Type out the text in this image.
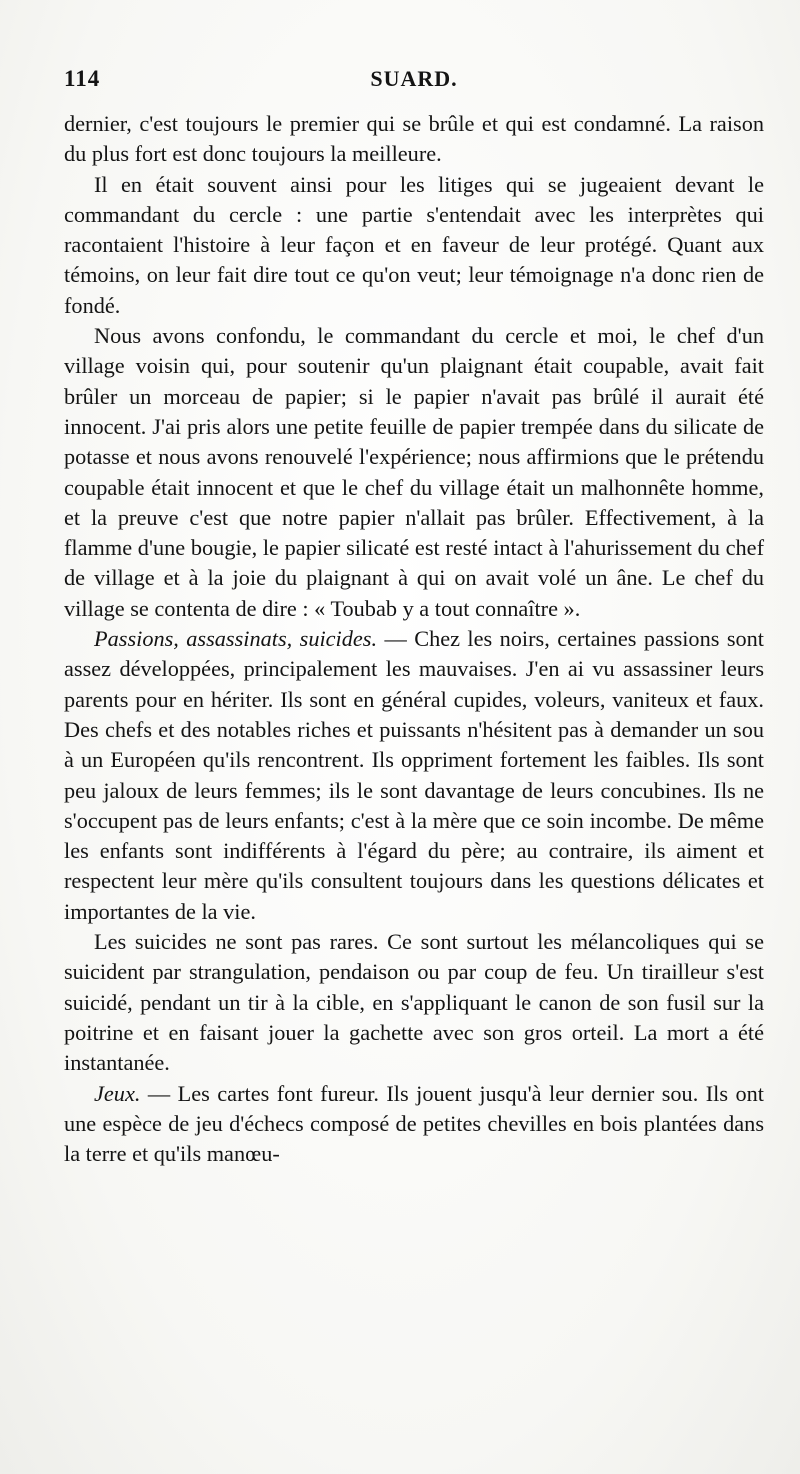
114	SUARD.

dernier, c'est toujours le premier qui se brûle et qui est condamné. La raison du plus fort est donc toujours la meilleure.

Il en était souvent ainsi pour les litiges qui se jugeaient devant le commandant du cercle : une partie s'entendait avec les interprètes qui racontaient l'histoire à leur façon et en faveur de leur protégé. Quant aux témoins, on leur fait dire tout ce qu'on veut; leur témoignage n'a donc rien de fondé.

Nous avons confondu, le commandant du cercle et moi, le chef d'un village voisin qui, pour soutenir qu'un plaignant était coupable, avait fait brûler un morceau de papier; si le papier n'avait pas brûlé il aurait été innocent. J'ai pris alors une petite feuille de papier trempée dans du silicate de potasse et nous avons renouvelé l'expérience; nous affirmions que le prétendu coupable était innocent et que le chef du village était un malhonnête homme, et la preuve c'est que notre papier n'allait pas brûler. Effectivement, à la flamme d'une bougie, le papier silicaté est resté intact à l'ahurissement du chef de village et à la joie du plaignant à qui on avait volé un âne. Le chef du village se contenta de dire : « Toubab y a tout connaître ».

Passions, assassinats, suicides. — Chez les noirs, certaines passions sont assez développées, principalement les mauvaises. J'en ai vu assassiner leurs parents pour en hériter. Ils sont en général cupides, voleurs, vaniteux et faux. Des chefs et des notables riches et puissants n'hésitent pas à demander un sou à un Européen qu'ils rencontrent. Ils oppriment fortement les faibles. Ils sont peu jaloux de leurs femmes; ils le sont davantage de leurs concubines. Ils ne s'occupent pas de leurs enfants; c'est à la mère que ce soin incombe. De même les enfants sont indifférents à l'égard du père; au contraire, ils aiment et respectent leur mère qu'ils consultent toujours dans les questions délicates et importantes de la vie.

Les suicides ne sont pas rares. Ce sont surtout les mélancoliques qui se suicident par strangulation, pendaison ou par coup de feu. Un tirailleur s'est suicidé, pendant un tir à la cible, en s'appliquant le canon de son fusil sur la poitrine et en faisant jouer la gachette avec son gros orteil. La mort a été instantanée.

Jeux. — Les cartes font fureur. Ils jouent jusqu'à leur dernier sou. Ils ont une espèce de jeu d'échecs composé de petites chevilles en bois plantées dans la terre et qu'ils manœu-
